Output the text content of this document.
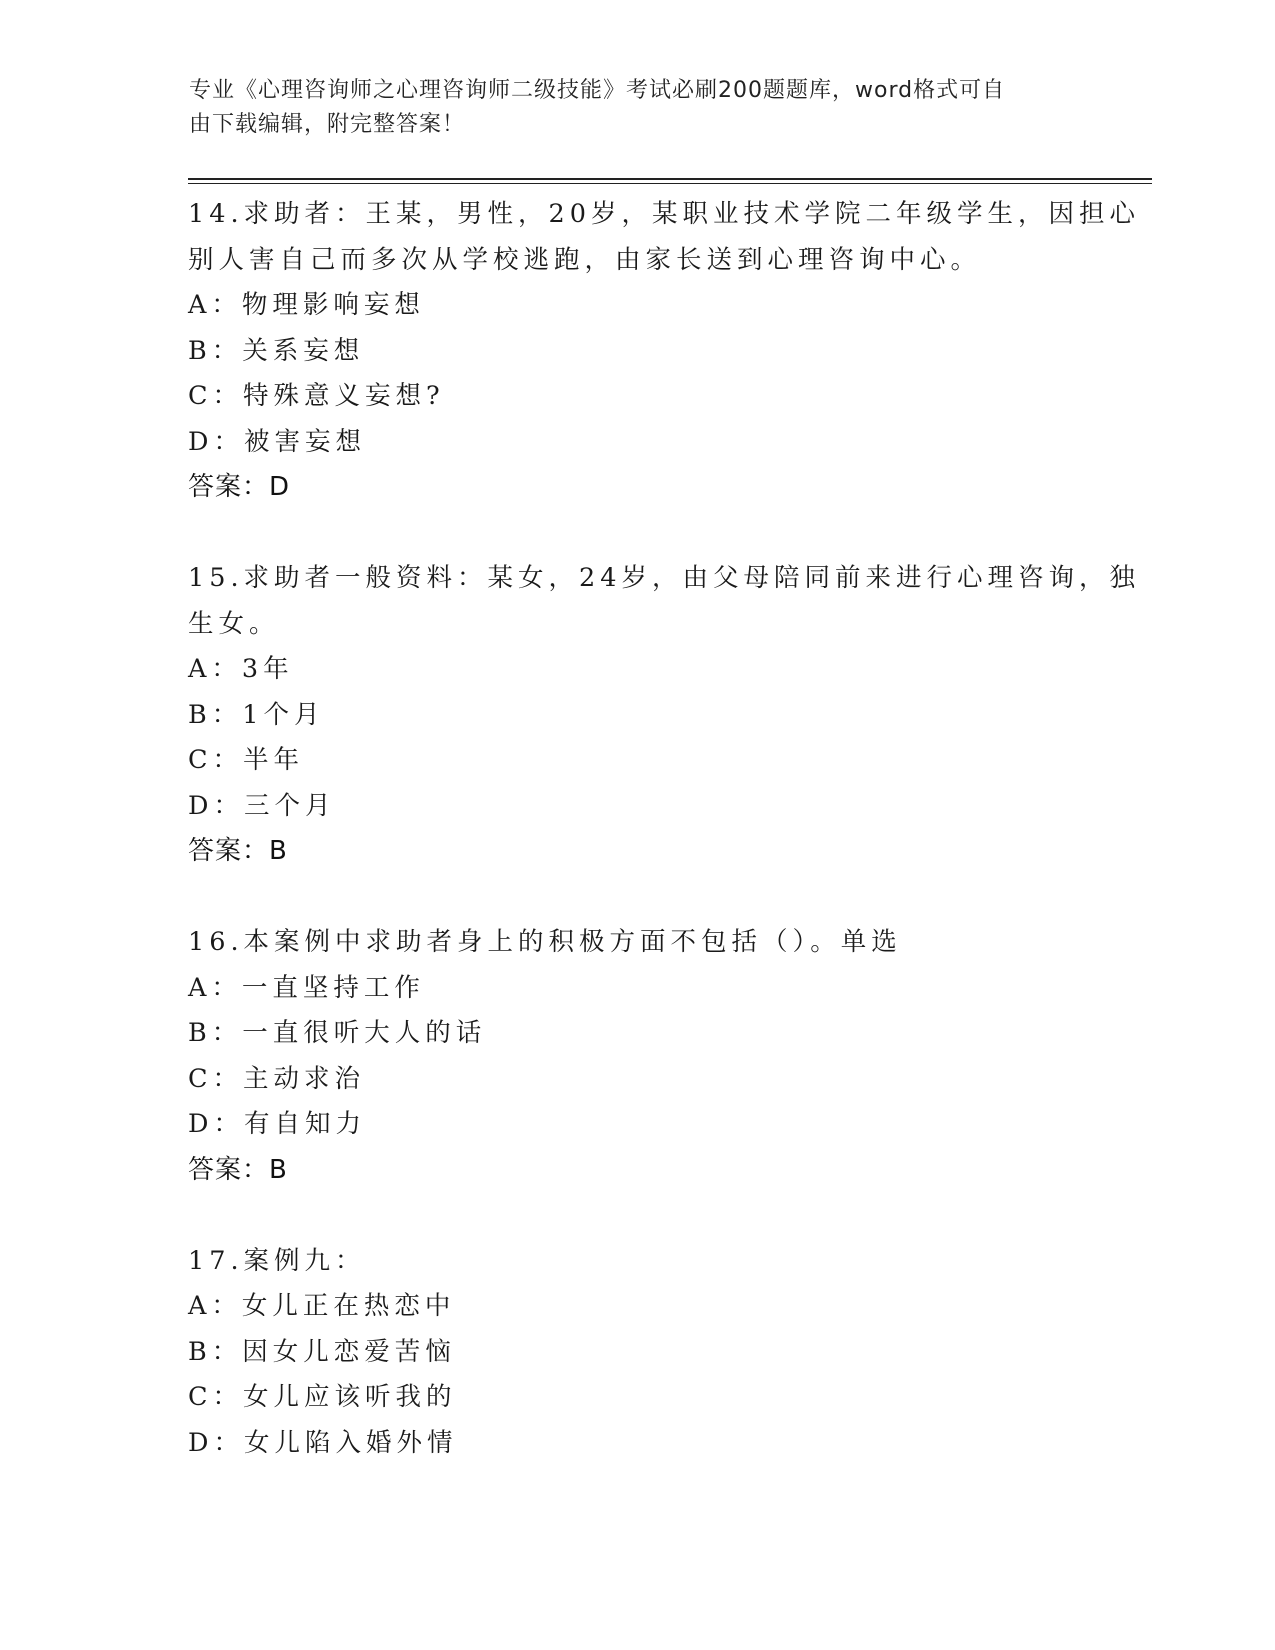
专业《心理咨询师之心理咨询师二级技能》考试必刷200题题库，word格式可自
由下载编辑，附完整答案！
14.求助者：王某，男性，20岁，某职业技术学院二年级学生，因担心
别人害自己而多次从学校逃跑，由家长送到心理咨询中心。
A：物理影响妄想
B：关系妄想
C：特殊意义妄想?
D：被害妄想
答案：D
15.求助者一般资料：某女，24岁，由父母陪同前来进行心理咨询，独
生女。
A：3年
B：1个月
C：半年
D：三个月
答案：B
16.本案例中求助者身上的积极方面不包括（）。单选
A：一直坚持工作
B：一直很听大人的话
C：主动求治
D：有自知力
答案：B
17.案例九：
A：女儿正在热恋中
B：因女儿恋爱苦恼
C：女儿应该听我的
D：女儿陷入婚外情
